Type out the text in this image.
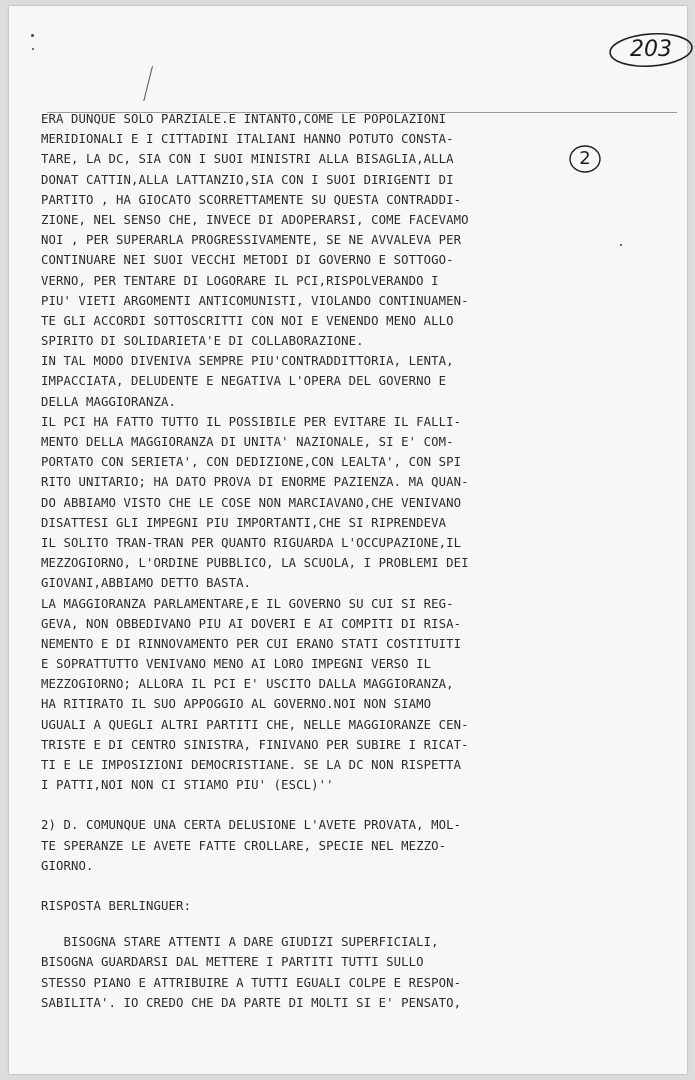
203
2
ERA DUNQUE SOLO PARZIALE.E INTANTO,COME LE POPOLAZIONI
MERIDIONALI E I CITTADINI ITALIANI HANNO POTUTO CONSTA-
TARE, LA DC, SIA CON I SUOI MINISTRI ALLA BISAGLIA,ALLA
DONAT CATTIN,ALLA LATTANZIO,SIA CON I SUOI DIRIGENTI DI
PARTITO , HA GIOCATO SCORRETTAMENTE SU QUESTA CONTRADDI-
ZIONE, NEL SENSO CHE, INVECE DI ADOPERARSI, COME FACEVAMO
NOI , PER SUPERARLA PROGRESSIVAMENTE, SE NE AVVALEVA PER
CONTINUARE NEI SUOI VECCHI METODI DI GOVERNO E SOTTOGO-
VERNO, PER TENTARE DI LOGORARE IL PCI,RISPOLVERANDO I
PIU' VIETI ARGOMENTI ANTICOMUNISTI, VIOLANDO CONTINUAMEN-
TE GLI ACCORDI SOTTOSCRITTI CON NOI E VENENDO MENO ALLO
SPIRITO DI SOLIDARIETA'E DI COLLABORAZIONE.
IN TAL MODO DIVENIVA SEMPRE PIU'CONTRADDITTORIA, LENTA,
IMPACCIATA, DELUDENTE E NEGATIVA L'OPERA DEL GOVERNO E
DELLA MAGGIORANZA.
IL PCI HA FATTO TUTTO IL POSSIBILE PER EVITARE IL FALLI-
MENTO DELLA MAGGIORANZA DI UNITA' NAZIONALE, SI E' COM-
PORTATO CON SERIETA', CON DEDIZIONE,CON LEALTA', CON SPI
RITO UNITARIO; HA DATO PROVA DI ENORME PAZIENZA. MA QUAN-
DO ABBIAMO VISTO CHE LE COSE NON MARCIAVANO,CHE VENIVANO
DISATTESI GLI IMPEGNI PIU IMPORTANTI,CHE SI RIPRENDEVA
IL SOLITO TRAN-TRAN PER QUANTO RIGUARDA L'OCCUPAZIONE,IL
MEZZOGIORNO, L'ORDINE PUBBLICO, LA SCUOLA, I PROBLEMI DEI
GIOVANI,ABBIAMO DETTO BASTA.
LA MAGGIORANZA PARLAMENTARE,E IL GOVERNO SU CUI SI REG-
GEVA, NON OBBEDIVANO PIU AI DOVERI E AI COMPITI DI RISA-
NEMENTO E DI RINNOVAMENTO PER CUI ERANO STATI COSTITUITI
E SOPRATTUTTO VENIVANO MENO AI LORO IMPEGNI VERSO IL
MEZZOGIORNO; ALLORA IL PCI E' USCITO DALLA MAGGIORANZA,
HA RITIRATO IL SUO APPOGGIO AL GOVERNO.NOI NON SIAMO
UGUALI A QUEGLI ALTRI PARTITI CHE, NELLE MAGGIORANZE CEN-
TRISTE E DI CENTRO SINISTRA, FINIVANO PER SUBIRE I RICAT-
TI E LE IMPOSIZIONI DEMOCRISTIANE. SE LA DC NON RISPETTA
I PATTI,NOI NON CI STIAMO PIU' (ESCL)''
2) D. COMUNQUE UNA CERTA DELUSIONE L'AVETE PROVATA, MOL-
TE SPERANZE LE AVETE FATTE CROLLARE, SPECIE NEL MEZZO-
GIORNO.
RISPOSTA BERLINGUER:
BISOGNA STARE ATTENTI A DARE GIUDIZI SUPERFICIALI,
BISOGNA GUARDARSI DAL METTERE I PARTITI TUTTI SULLO
STESSO PIANO E ATTRIBUIRE A TUTTI EGUALI COLPE E RESPON-
SABILITA'. IO CREDO CHE DA PARTE DI MOLTI SI E' PENSATO,
